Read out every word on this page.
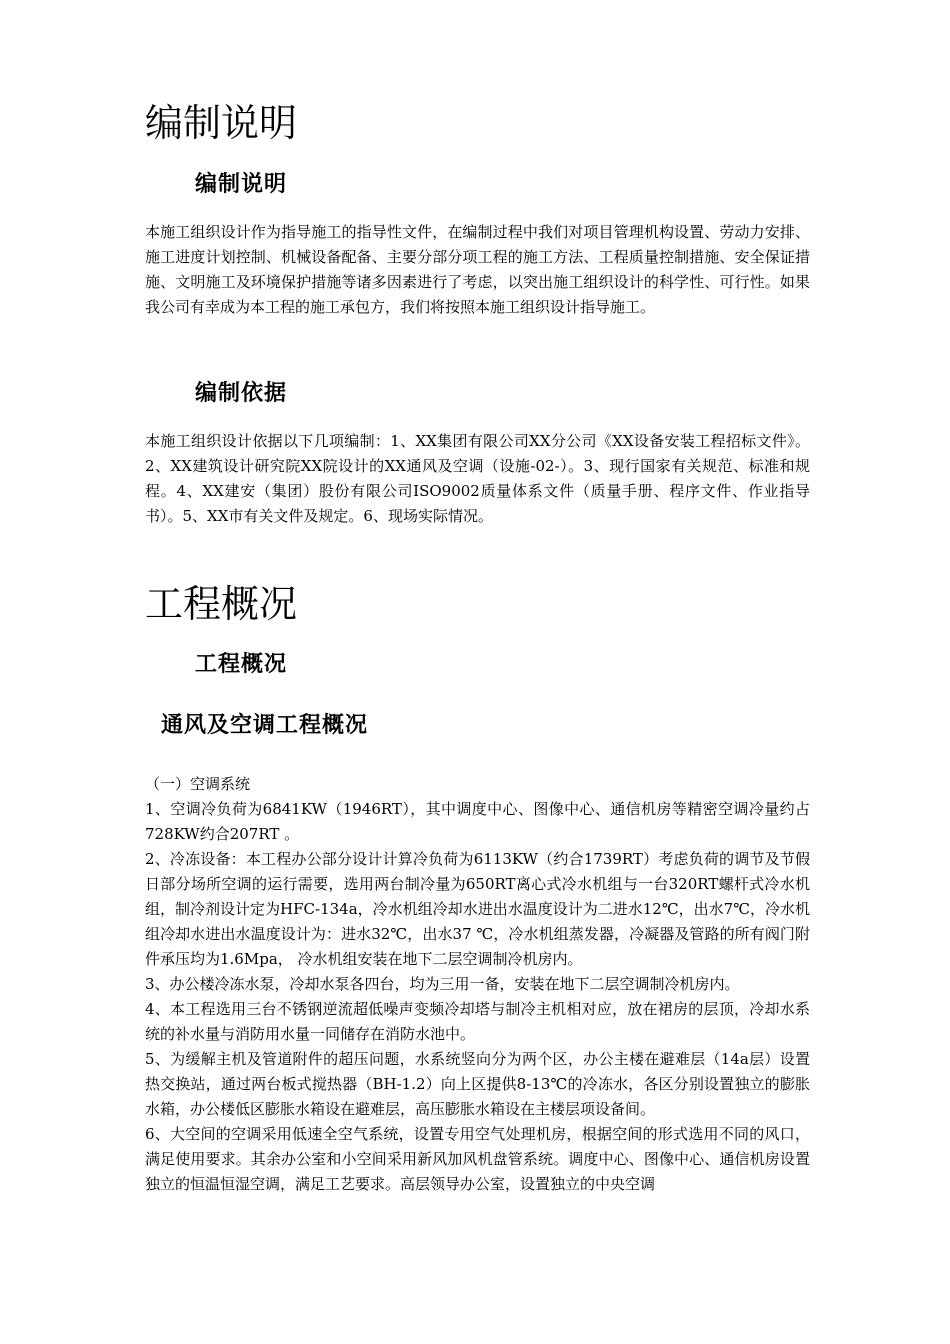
编制说明
编制说明

本施工组织设计作为指导施工的指导性文件，在编制过程中我们对项目管理机构设置、劳动力安排、施工进度计划控制、机械设备配备、主要分部分项工程的施工方法、工程质量控制措施、安全保证措施、文明施工及环境保护措施等诸多因素进行了考虑，以突出施工组织设计的科学性、可行性。如果我公司有幸成为本工程的施工承包方，我们将按照本施工组织设计指导施工。

编制依据

本施工组织设计依据以下几项编制：1、XX集团有限公司XX分公司《XX设备安装工程招标文件》。2、XX建筑设计研究院XX院设计的XX通风及空调（设施-02-）。3、现行国家有关规范、标准和规程。4、XX建安（集团）股份有限公司ISO9002质量体系文件（质量手册、程序文件、作业指导书）。5、XX市有关文件及规定。6、现场实际情况。

工程概况
工程概况
通风及空调工程概况

（一）空调系统

1、空调冷负荷为6841KW（1946RT），其中调度中心、图像中心、通信机房等精密空调冷量约占728KW约合207RT 。

2、冷冻设备：本工程办公部分设计计算冷负荷为6113KW（约合1739RT）考虑负荷的调节及节假日部分场所空调的运行需要，选用两台制冷量为650RT离心式冷水机组与一台320RT螺杆式冷水机组，制冷剂设计定为HFC-134a，冷水机组冷却水进出水温度设计为二进水12℃，出水7℃，冷水机组冷却水进出水温度设计为：进水32℃，出水37 ℃，冷水机组蒸发器，冷凝器及管路的所有阀门附件承压均为1.6Mpa， 冷水机组安装在地下二层空调制冷机房内。

3、办公楼冷冻水泵，冷却水泵各四台，均为三用一备，安装在地下二层空调制冷机房内。

4、本工程选用三台不锈钢逆流超低噪声变频冷却塔与制冷主机相对应，放在裙房的层顶，冷却水系统的补水量与消防用水量一同储存在消防水池中。

5、为缓解主机及管道附件的超压问题，水系统竖向分为两个区，办公主楼在避难层（14a层）设置热交换站，通过两台板式搅热器（BH-1.2）向上区提供8-13℃的冷冻水，各区分别设置独立的膨胀水箱，办公楼低区膨胀水箱设在避难层，高压膨胀水箱设在主楼层项设备间。

6、大空间的空调采用低速全空气系统，设置专用空气处理机房，根据空间的形式选用不同的风口，满足使用要求。其余办公室和小空间采用新风加风机盘管系统。调度中心、图像中心、通信机房设置独立的恒温恒湿空调，满足工艺要求。高层领导办公室，设置独立的中央空调
